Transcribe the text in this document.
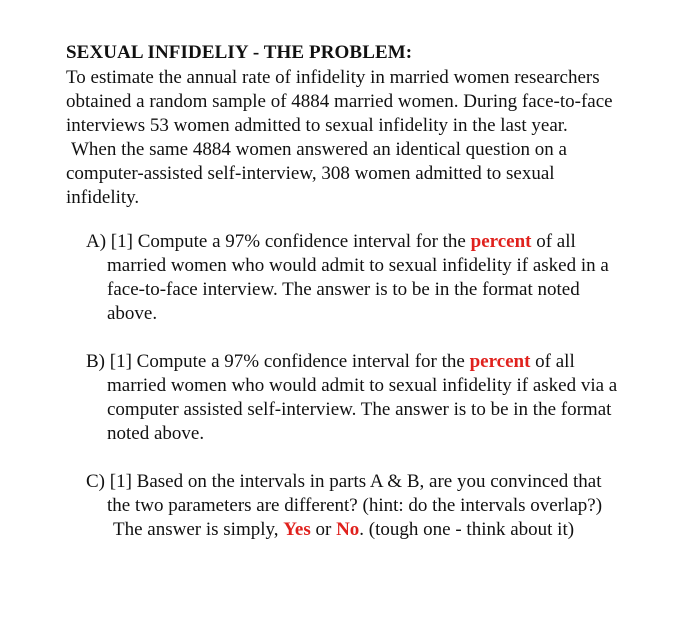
SEXUAL INFIDELIY - THE PROBLEM:
To estimate the annual rate of infidelity in married women researchers
obtained a random sample of 4884 married women. During face-to-face
interviews 53 women admitted to sexual infidelity in the last year.
When the same 4884 women answered an identical question on a
computer-assisted self-interview, 308 women admitted to sexual
infidelity.
A) [1] Compute a 97% confidence interval for the percent of all
married women who would admit to sexual infidelity if asked in a
face-to-face interview. The answer is to be in the format noted
above.
B) [1] Compute a 97% confidence interval for the percent of all
married women who would admit to sexual infidelity if asked via a
computer assisted self-interview. The answer is to be in the format
noted above.
C) [1] Based on the intervals in parts A & B, are you convinced that
the two parameters are different? (hint: do the intervals overlap?)
The answer is simply, Yes or No. (tough one - think about it)
